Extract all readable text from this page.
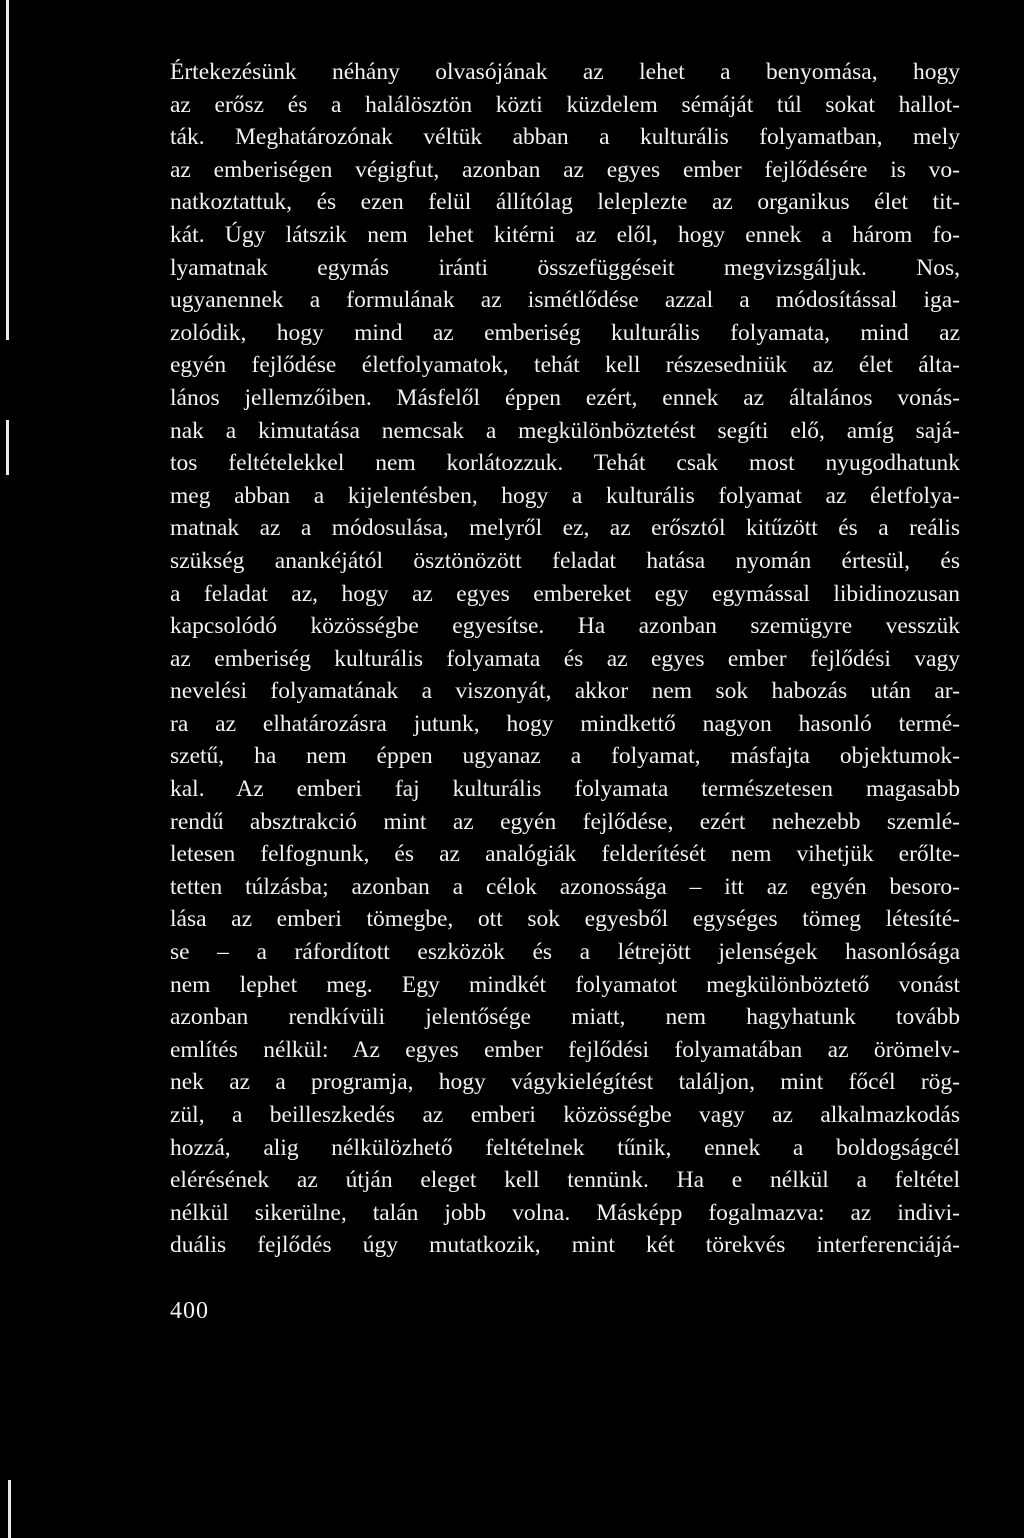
Értekezésünk néhány olvasójának az lehet a benyomása, hogy
az erősz és a halálösztön közti küzdelem sémáját túl sokat hallot-
ták. Meghatározónak véltük abban a kulturális folyamatban, mely
az emberiségen végigfut, azonban az egyes ember fejlődésére is vo-
natkoztattuk, és ezen felül állítólag leleplezte az organikus élet tit-
kát. Úgy látszik nem lehet kitérni az elől, hogy ennek a három fo-
lyamatnak egymás iránti összefüggéseit megvizsgáljuk. Nos,
ugyanennek a formulának az ismétlődése azzal a módosítással iga-
zolódik, hogy mind az emberiség kulturális folyamata, mind az
egyén fejlődése életfolyamatok, tehát kell részesedniük az élet álta-
lános jellemzőiben. Másfelől éppen ezért, ennek az általános vonás-
nak a kimutatása nemcsak a megkülönböztetést segíti elő, amíg sajá-
tos feltételekkel nem korlátozzuk. Tehát csak most nyugodhatunk
meg abban a kijelentésben, hogy a kulturális folyamat az életfolya-
matnak az a módosulása, melyről ez, az erősztól kitűzött és a reális
szükség anankéjától ösztönözött feladat hatása nyomán értesül, és
a feladat az, hogy az egyes embereket egy egymással libidinozusan
kapcsolódó közösségbe egyesítse. Ha azonban szemügyre vesszük
az emberiség kulturális folyamata és az egyes ember fejlődési vagy
nevelési folyamatának a viszonyát, akkor nem sok habozás után ar-
ra az elhatározásra jutunk, hogy mindkettő nagyon hasonló termé-
szetű, ha nem éppen ugyanaz a folyamat, másfajta objektumok-
kal. Az emberi faj kulturális folyamata természetesen magasabb
rendű absztrakció mint az egyén fejlődése, ezért nehezebb szemlé-
letesen felfognunk, és az analógiák felderítését nem vihetjük erőlte-
tetten túlzásba; azonban a célok azonossága – itt az egyén besoro-
lása az emberi tömegbe, ott sok egyesből egységes tömeg létesíté-
se – a ráfordított eszközök és a létrejött jelenségek hasonlósága
nem lephet meg. Egy mindkét folyamatot megkülönböztető vonást
azonban rendkívüli jelentősége miatt, nem hagyhatunk tovább
említés nélkül: Az egyes ember fejlődési folyamatában az örömelv-
nek az a programja, hogy vágykielégítést találjon, mint főcél rög-
zül, a beilleszkedés az emberi közösségbe vagy az alkalmazkodás
hozzá, alig nélkülözhető feltételnek tűnik, ennek a boldogságcél
elérésének az útján eleget kell tennünk. Ha e nélkül a feltétel
nélkül sikerülne, talán jobb volna. Másképp fogalmazva: az indivi-
duális fejlődés úgy mutatkozik, mint két törekvés interferenciájá-
400
